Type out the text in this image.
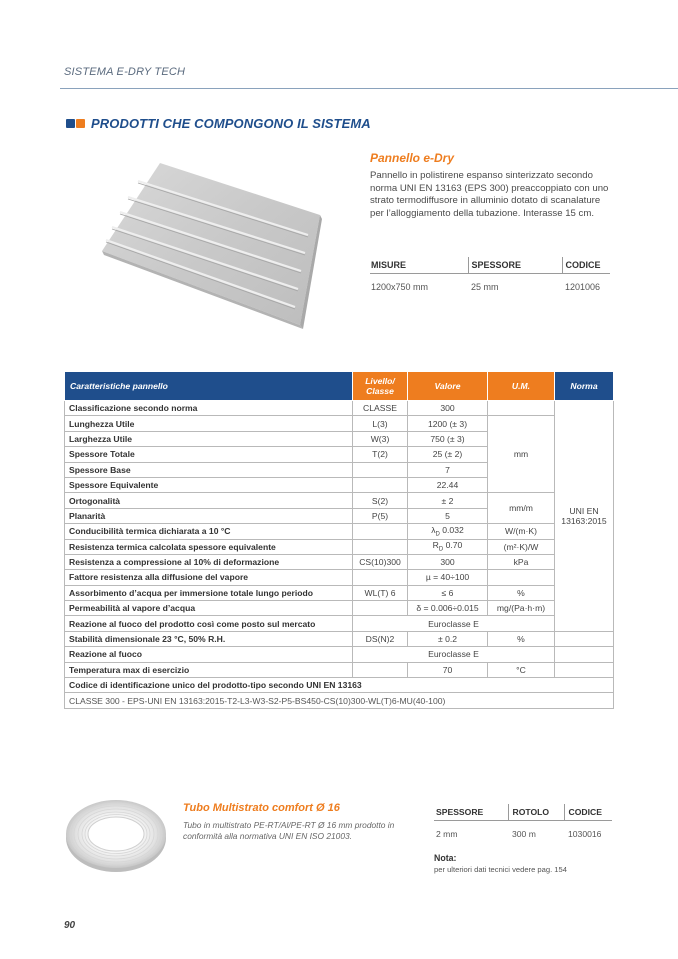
SISTEMA E-DRY TECH
PRODOTTI CHE COMPONGONO IL SISTEMA
Pannello e-Dry
Pannello in polistirene espanso sinterizzato secondo norma UNI EN 13163 (EPS 300) preaccoppiato con uno strato termodiffusore in alluminio dotato di scanalature per l’alloggiamento della tubazione. Interasse 15 cm.
MISURE	SPESSORE	CODICE
1200x750 mm	25 mm	1201006
Caratteristiche pannello	Livello/ Classe	Valore	U.M.	Norma
Classificazione secondo norma	CLASSE	300		UNI EN 13163:2015
Lunghezza Utile	L(3)	1200 (± 3)	mm	
Larghezza Utile	W(3)	750 (± 3)		
Spessore Totale	T(2)	25 (± 2)		
Spessore Base		7		
Spessore Equivalente		22.44		
Ortogonalità	S(2)	± 2	mm/m	
Planarità	P(5)	5		
Conducibilità termica dichiarata a 10 °C		$\lambda_D$ 0.032	W/(m·K)	
Resistenza termica calcolata spessore equivalente		$R_D$ 0.70	(m²·K)/W	
Resistenza a compressione al 10% di deformazione	CS(10)300	300	kPa	
Fattore resistenza alla diffusione del vapore		µ = 40÷100		
Assorbimento d’acqua per immersione totale lungo periodo	WL(T) 6	≤ 6	%	
Permeabilità al vapore d’acqua		δ = 0.006÷0.015	mg/(Pa·h·m)	
Reazione al fuoco del prodotto così come posto sul mercato	Euroclasse E			
Stabilità dimensionale 23 °C, 50% R.H.	DS(N)2	± 0.2	%	
Reazione al fuoco	Euroclasse E			
Temperatura max di esercizio		70	°C	
Codice di identificazione unico del prodotto-tipo secondo UNI EN 13163				
CLASSE 300 - EPS-UNI EN 13163:2015-T2-L3-W3-S2-P5-BS450-CS(10)300-WL(T)6-MU(40-100)				
Tubo Multistrato comfort Ø 16
Tubo in multistrato PE-RT/Al/PE-RT Ø 16 mm prodotto in conformità alla normativa UNI EN ISO 21003.
SPESSORE	ROTOLO	CODICE
2 mm	300 m	1030016
Nota:
per ulteriori dati tecnici vedere pag. 154
90
